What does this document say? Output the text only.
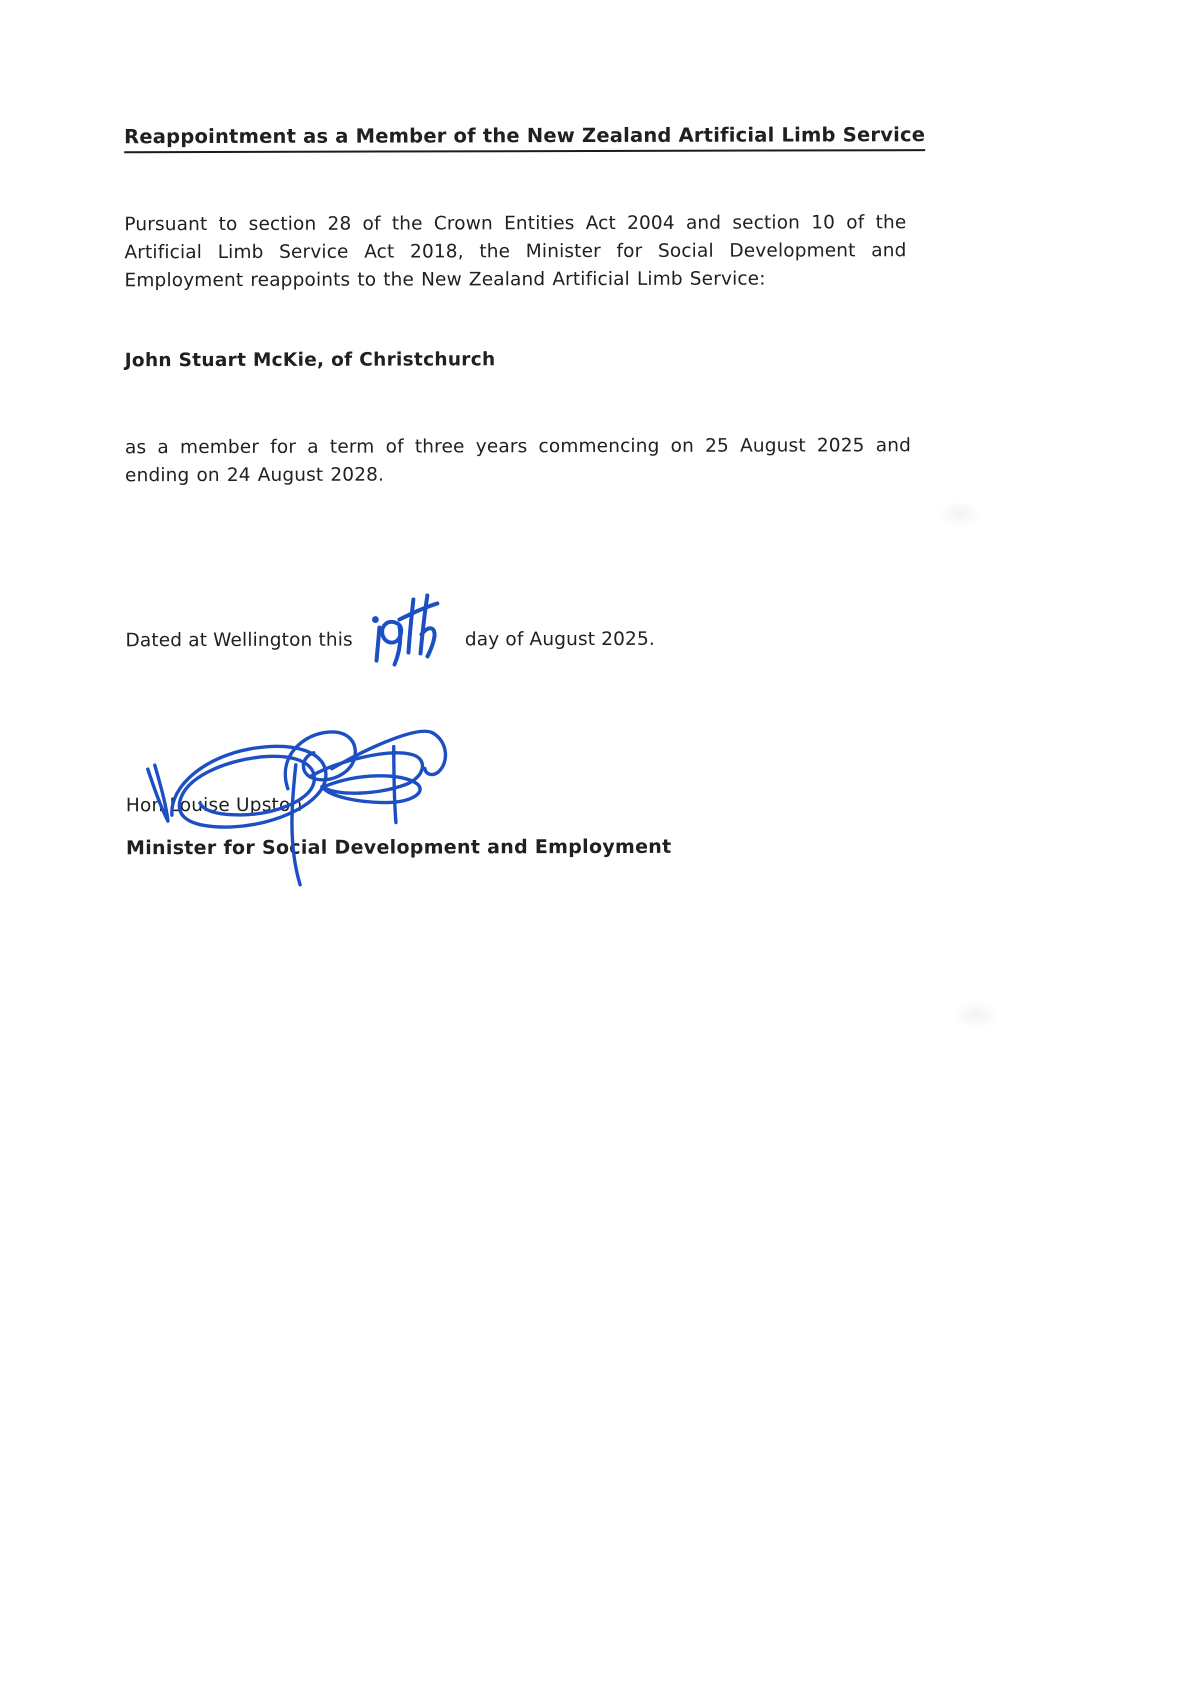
Reappointment as a Member of the New Zealand Artificial Limb Service

Pursuant to section 28 of the Crown Entities Act 2004 and section 10 of the Artificial Limb Service Act 2018, the Minister for Social Development and Employment reappoints to the New Zealand Artificial Limb Service:

John Stuart McKie, of Christchurch

as a member for a term of three years commencing on 25 August 2025 and ending on 24 August 2028.

Dated at Wellington this	day of August 2025.

Hon Louise Upston

Minister for Social Development and Employment
